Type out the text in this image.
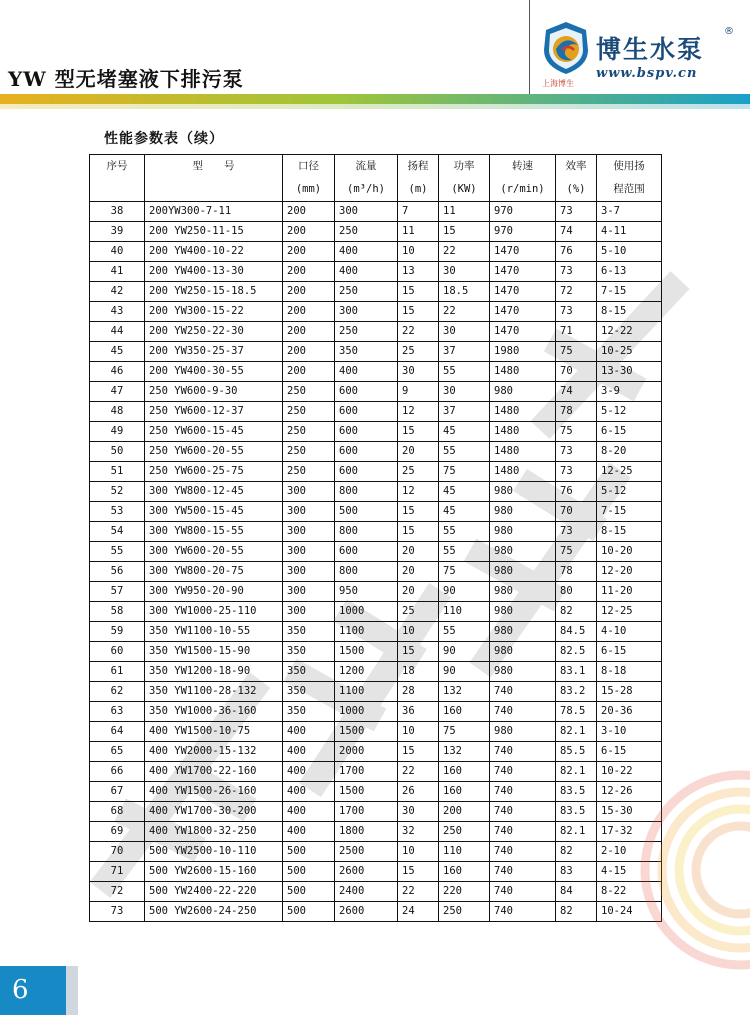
YW 型无堵塞液下排污泵
博生水泵
®
www.bspv.cn
上海博生
性能参数表（续）
序号	型　　号	口径	流量	扬程	功率	转速	效率	使用扬
		(mm)	(m³/h)	(m)	(KW)	(r/min)	(%)	程范围
38	200YW300-7-11	200	300	7	11	970	73	3-7
39	200 YW250-11-15	200	250	11	15	970	74	4-11
40	200 YW400-10-22	200	400	10	22	1470	76	5-10
41	200 YW400-13-30	200	400	13	30	1470	73	6-13
42	200 YW250-15-18.5	200	250	15	18.5	1470	72	7-15
43	200 YW300-15-22	200	300	15	22	1470	73	8-15
44	200 YW250-22-30	200	250	22	30	1470	71	12-22
45	200 YW350-25-37	200	350	25	37	1980	75	10-25
46	200 YW400-30-55	200	400	30	55	1480	70	13-30
47	250 YW600-9-30	250	600	9	30	980	74	3-9
48	250 YW600-12-37	250	600	12	37	1480	78	5-12
49	250 YW600-15-45	250	600	15	45	1480	75	6-15
50	250 YW600-20-55	250	600	20	55	1480	73	8-20
51	250 YW600-25-75	250	600	25	75	1480	73	12-25
52	300 YW800-12-45	300	800	12	45	980	76	5-12
53	300 YW500-15-45	300	500	15	45	980	70	7-15
54	300 YW800-15-55	300	800	15	55	980	73	8-15
55	300 YW600-20-55	300	600	20	55	980	75	10-20
56	300 YW800-20-75	300	800	20	75	980	78	12-20
57	300 YW950-20-90	300	950	20	90	980	80	11-20
58	300 YW1000-25-110	300	1000	25	110	980	82	12-25
59	350 YW1100-10-55	350	1100	10	55	980	84.5	4-10
60	350 YW1500-15-90	350	1500	15	90	980	82.5	6-15
61	350 YW1200-18-90	350	1200	18	90	980	83.1	8-18
62	350 YW1100-28-132	350	1100	28	132	740	83.2	15-28
63	350 YW1000-36-160	350	1000	36	160	740	78.5	20-36
64	400 YW1500-10-75	400	1500	10	75	980	82.1	3-10
65	400 YW2000-15-132	400	2000	15	132	740	85.5	6-15
66	400 YW1700-22-160	400	1700	22	160	740	82.1	10-22
67	400 YW1500-26-160	400	1500	26	160	740	83.5	12-26
68	400 YW1700-30-200	400	1700	30	200	740	83.5	15-30
69	400 YW1800-32-250	400	1800	32	250	740	82.1	17-32
70	500 YW2500-10-110	500	2500	10	110	740	82	2-10
71	500 YW2600-15-160	500	2600	15	160	740	83	4-15
72	500 YW2400-22-220	500	2400	22	220	740	84	8-22
73	500 YW2600-24-250	500	2600	24	250	740	82	10-24
6
